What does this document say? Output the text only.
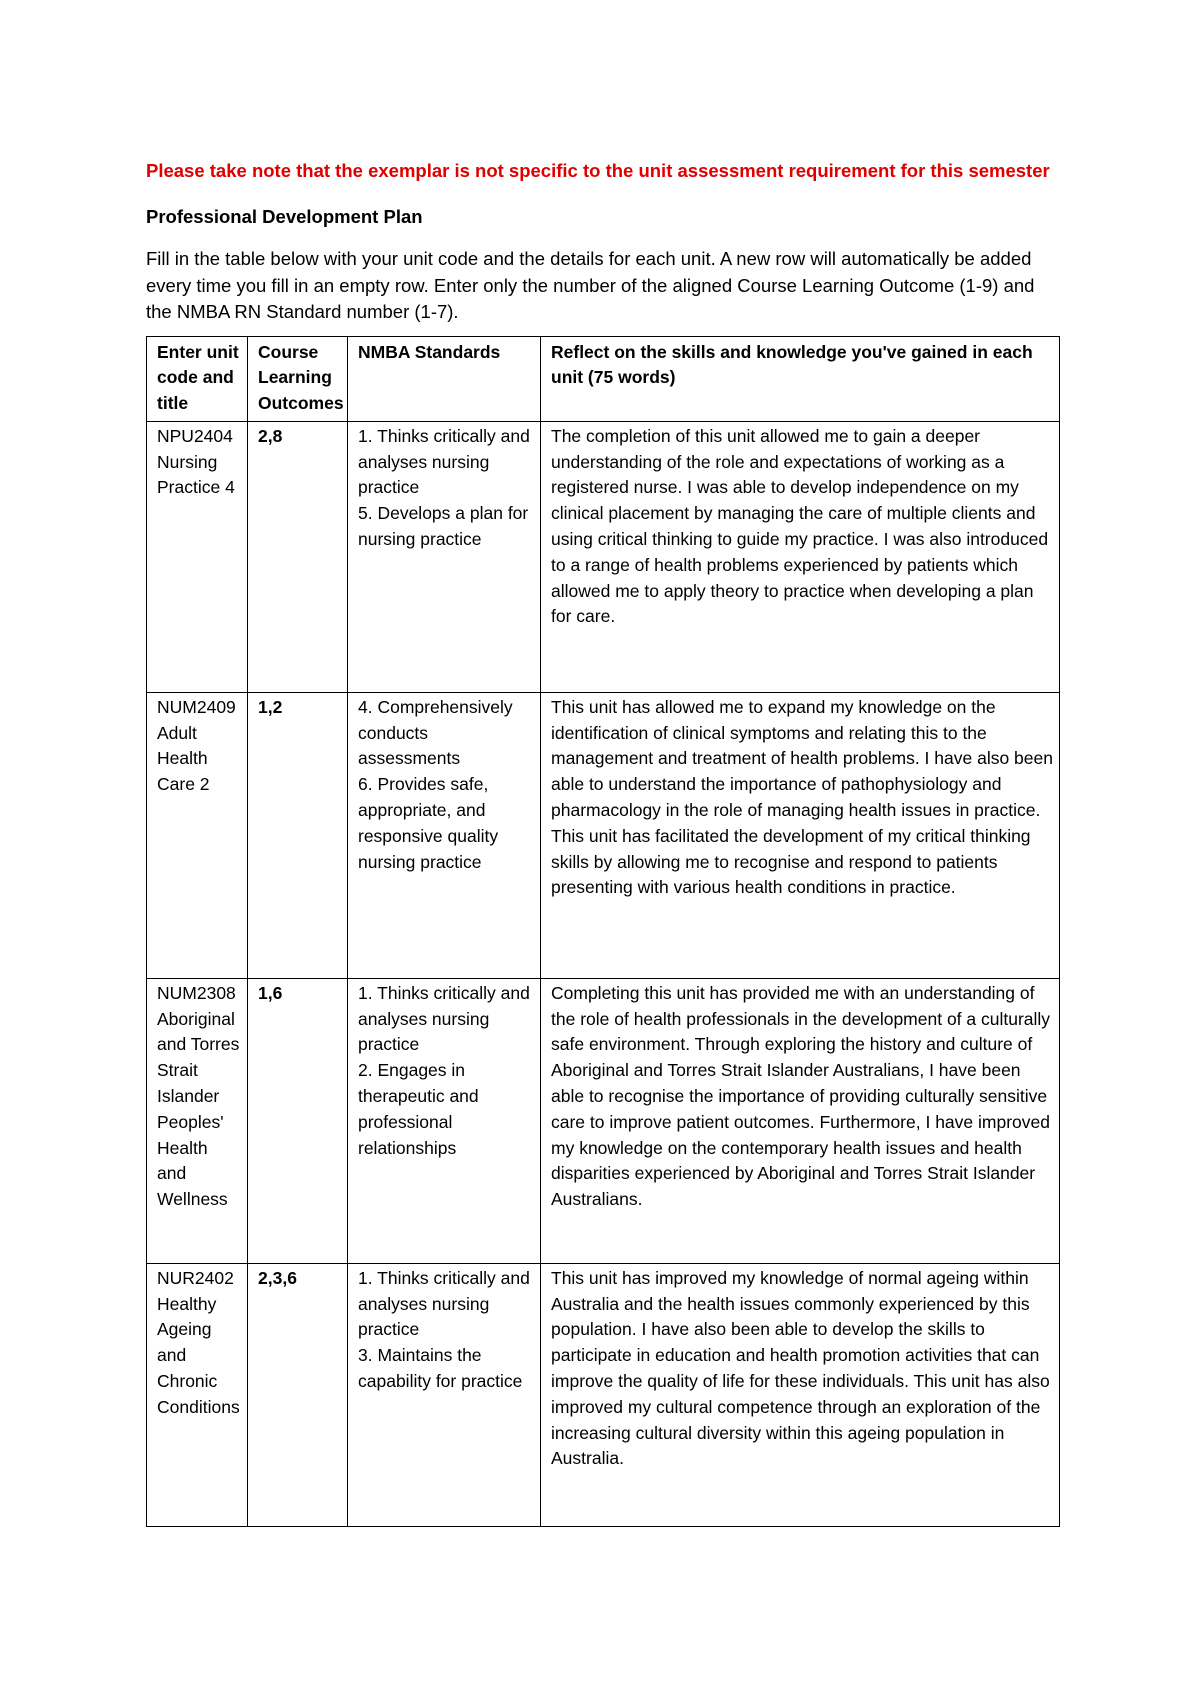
Please take note that the exemplar is not specific to the unit assessment requirement for this semester

Professional Development Plan

Fill in the table below with your unit code and the details for each unit. A new row will automatically be added every time you fill in an empty row. Enter only the number of the aligned Course Learning Outcome (1-9) and the NMBA RN Standard number (1-7).

Enter unit code and title	Course Learning Outcomes	NMBA Standards	Reflect on the skills and knowledge you've gained in each unit (75 words)
NPU2404 Nursing Practice 4	2,8	1. Thinks critically and analyses nursing practice
5. Develops a plan for nursing practice	The completion of this unit allowed me to gain a deeper understanding of the role and expectations of working as a registered nurse. I was able to develop independence on my clinical placement by managing the care of multiple clients and using critical thinking to guide my practice. I was also introduced to a range of health problems experienced by patients which allowed me to apply theory to practice when developing a plan for care.
NUM2409 Adult Health Care 2	1,2	4. Comprehensively conducts assessments
6. Provides safe, appropriate, and responsive quality nursing practice	This unit has allowed me to expand my knowledge on the identification of clinical symptoms and relating this to the management and treatment of health problems. I have also been able to understand the importance of pathophysiology and pharmacology in the role of managing health issues in practice. This unit has facilitated the development of my critical thinking skills by allowing me to recognise and respond to patients presenting with various health conditions in practice.
NUM2308 Aboriginal and Torres Strait Islander Peoples' Health and Wellness	1,6	1. Thinks critically and analyses nursing practice
2. Engages in therapeutic and professional relationships	Completing this unit has provided me with an understanding of the role of health professionals in the development of a culturally safe environment. Through exploring the history and culture of Aboriginal and Torres Strait Islander Australians, I have been able to recognise the importance of providing culturally sensitive care to improve patient outcomes. Furthermore, I have improved my knowledge on the contemporary health issues and health disparities experienced by Aboriginal and Torres Strait Islander Australians.
NUR2402 Healthy Ageing and Chronic Conditions	2,3,6	1. Thinks critically and analyses nursing practice
3. Maintains the capability for practice	This unit has improved my knowledge of normal ageing within Australia and the health issues commonly experienced by this population. I have also been able to develop the skills to participate in education and health promotion activities that can improve the quality of life for these individuals. This unit has also improved my cultural competence through an exploration of the increasing cultural diversity within this ageing population in Australia.
